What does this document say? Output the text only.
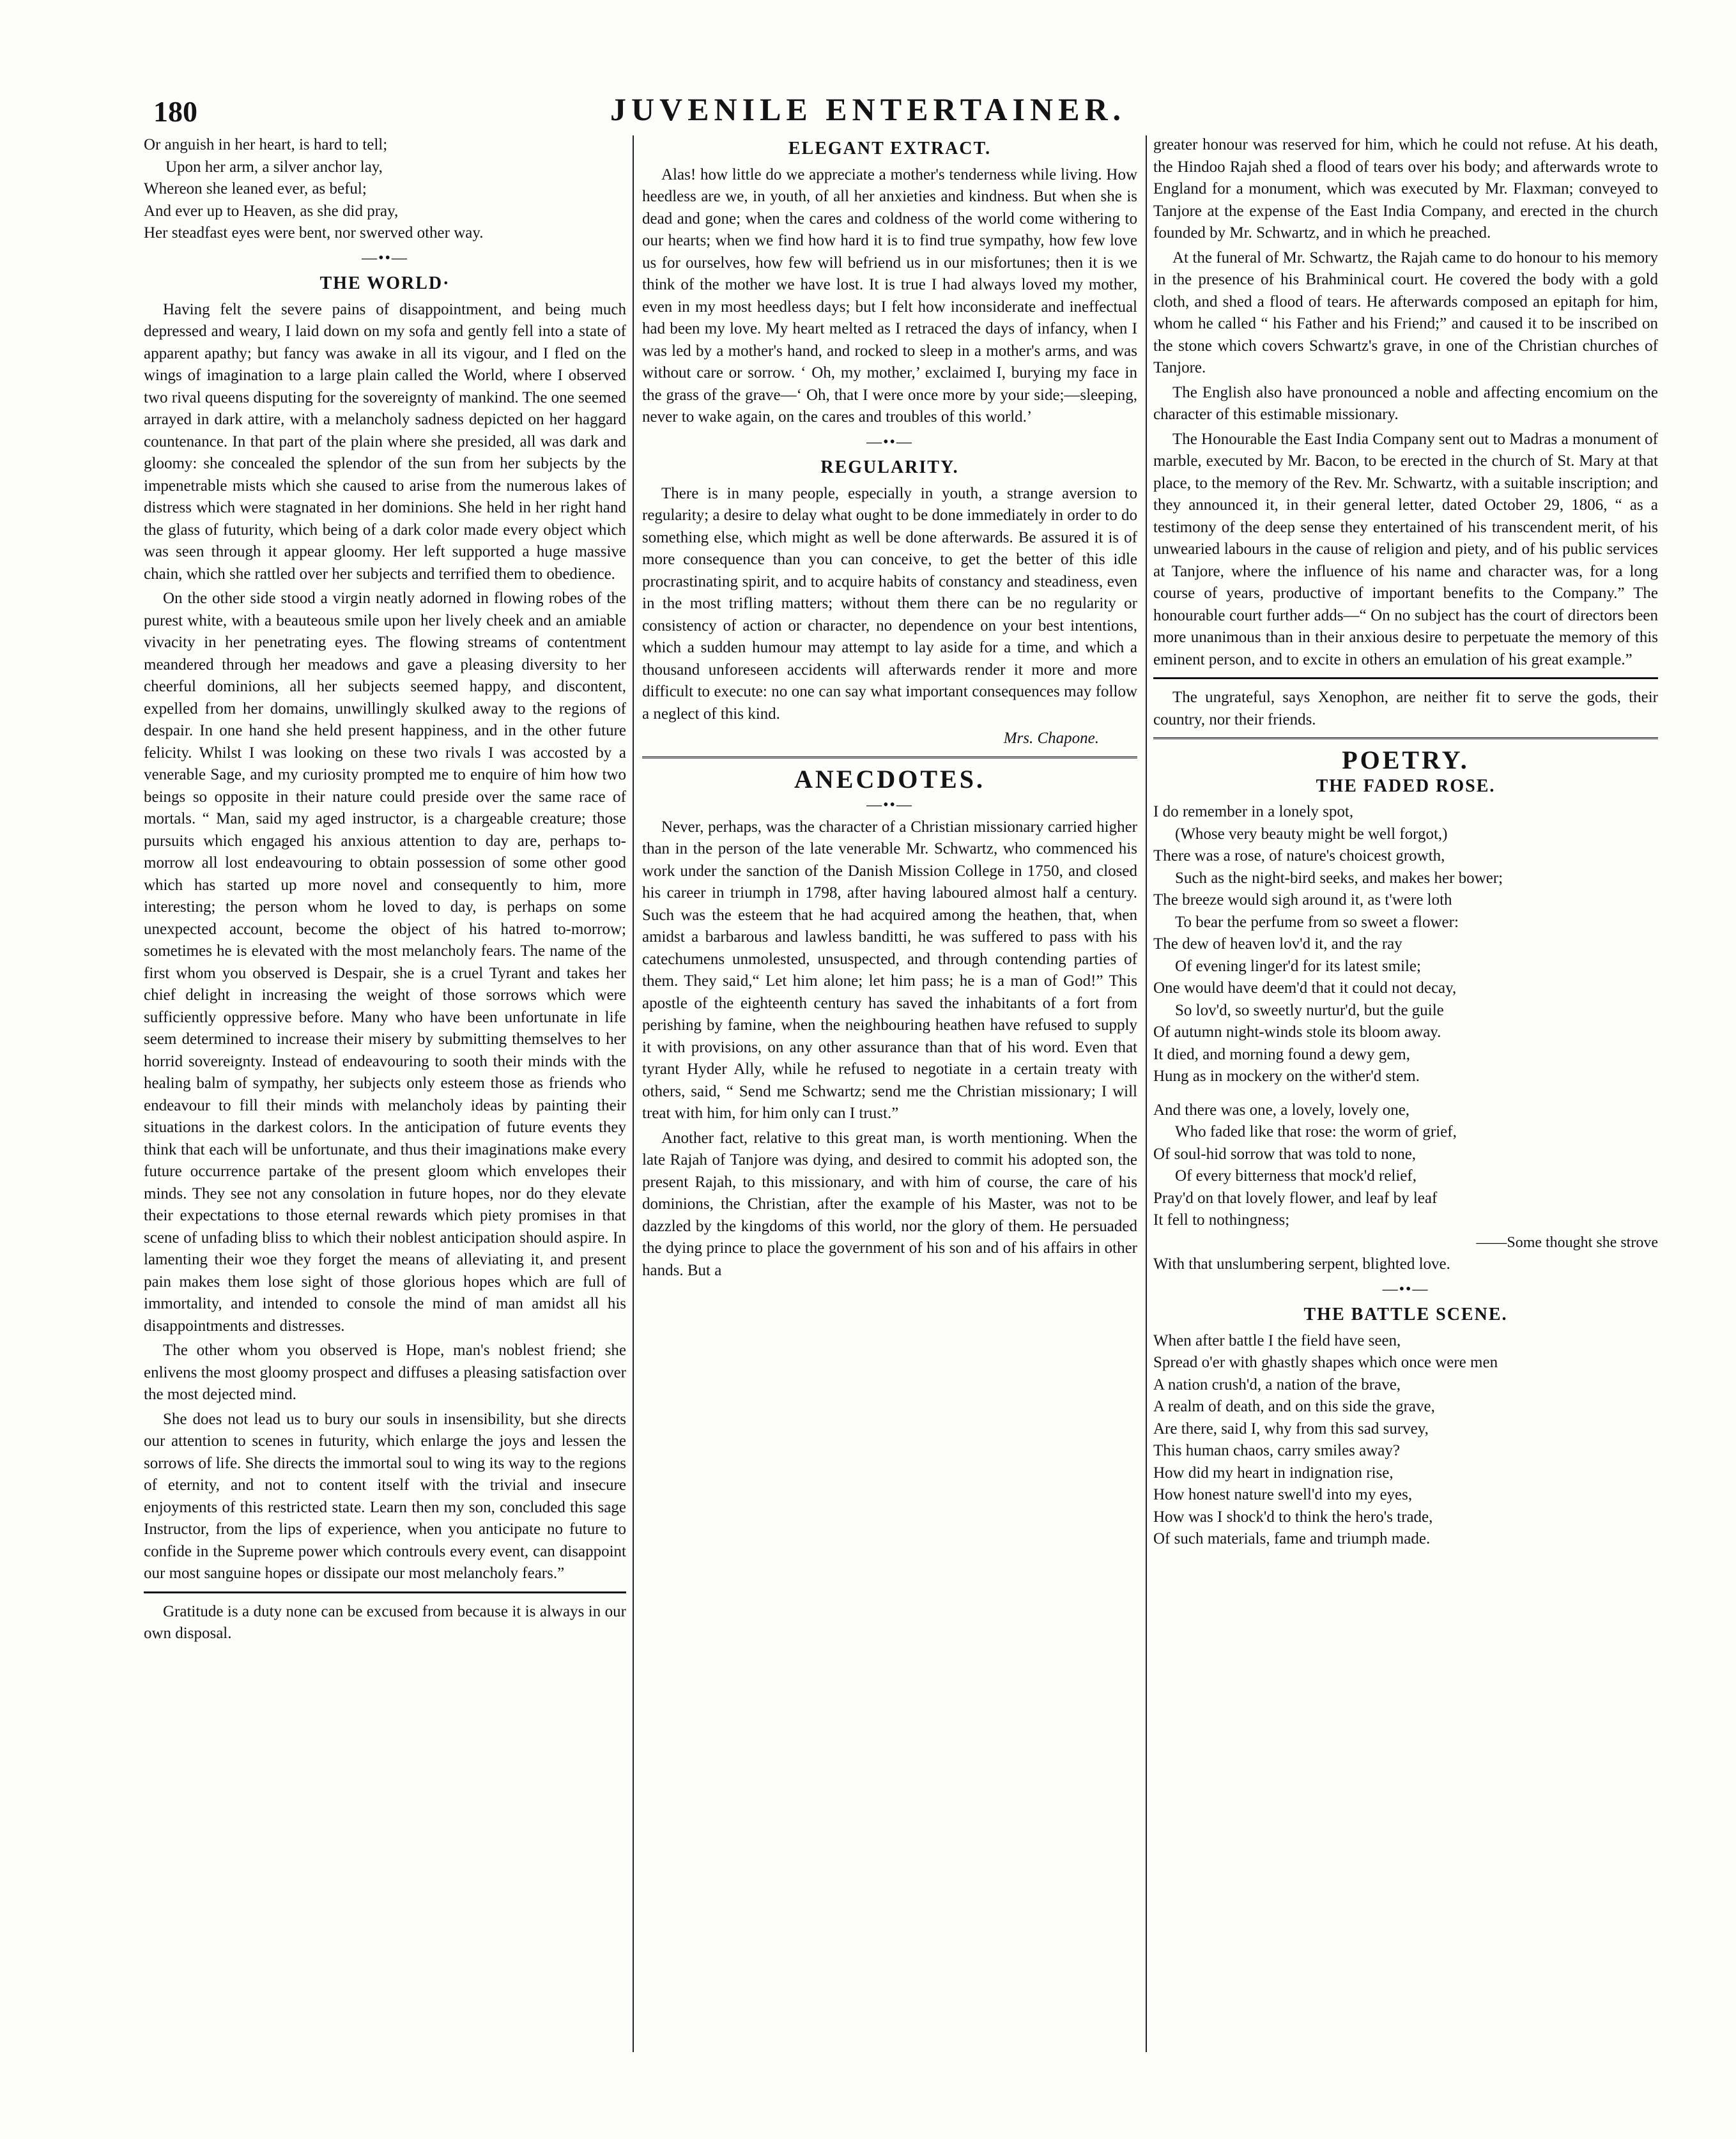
180	JUVENILE ENTERTAINER.
Or anguish in her heart, is hard to tell;
Upon her arm, a silver anchor lay,
Whereon she leaned ever, as beful;
And ever up to Heaven, as she did pray,
Her steadfast eyes were bent, nor swerved other way.
—••—
THE WORLD·

Having felt the severe pains of disappointment, and being much depressed and weary, I laid down on my sofa and gently fell into a state of apparent apathy; but fancy was awake in all its vigour, and I fled on the wings of imagination to a large plain called the World, where I observed two rival queens disputing for the sovereignty of mankind. The one seemed arrayed in dark attire, with a melancholy sadness depicted on her haggard countenance. In that part of the plain where she presided, all was dark and gloomy: she concealed the splendor of the sun from her subjects by the impenetrable mists which she caused to arise from the numerous lakes of distress which were stagnated in her dominions. She held in her right hand the glass of futurity, which being of a dark color made every object which was seen through it appear gloomy. Her left supported a huge massive chain, which she rattled over her subjects and terrified them to obedience.

On the other side stood a virgin neatly adorned in flowing robes of the purest white, with a beauteous smile upon her lively cheek and an amiable vivacity in her penetrating eyes. The flowing streams of contentment meandered through her meadows and gave a pleasing diversity to her cheerful dominions, all her subjects seemed happy, and discontent, expelled from her domains, unwillingly skulked away to the regions of despair. In one hand she held present happiness, and in the other future felicity. Whilst I was looking on these two rivals I was accosted by a venerable Sage, and my curiosity prompted me to enquire of him how two beings so opposite in their nature could preside over the same race of mortals. “ Man, said my aged instructor, is a chargeable creature; those pursuits which engaged his anxious attention to day are, perhaps to-morrow all lost endeavouring to obtain possession of some other good which has started up more novel and consequently to him, more interesting; the person whom he loved to day, is perhaps on some unexpected account, become the object of his hatred to-morrow; sometimes he is elevated with the most melancholy fears. The name of the first whom you observed is Despair, she is a cruel Tyrant and takes her chief delight in increasing the weight of those sorrows which were sufficiently oppressive before. Many who have been unfortunate in life seem determined to increase their misery by submitting themselves to her horrid sovereignty. Instead of endeavouring to sooth their minds with the healing balm of sympathy, her subjects only esteem those as friends who endeavour to fill their minds with melancholy ideas by painting their situations in the darkest colors. In the anticipation of future events they think that each will be unfortunate, and thus their imaginations make every future occurrence partake of the present gloom which envelopes their minds. They see not any consolation in future hopes, nor do they elevate their expectations to those eternal rewards which piety promises in that scene of unfading bliss to which their noblest anticipation should aspire. In lamenting their woe they forget the means of alleviating it, and present pain makes them lose sight of those glorious hopes which are full of immortality, and intended to console the mind of man amidst all his disappointments and distresses.

The other whom you observed is Hope, man's noblest friend; she enlivens the most gloomy prospect and diffuses a pleasing satisfaction over the most dejected mind.

She does not lead us to bury our souls in insensibility, but she directs our attention to scenes in futurity, which enlarge the joys and lessen the sorrows of life. She directs the immortal soul to wing its way to the regions of eternity, and not to content itself with the trivial and insecure enjoyments of this restricted state. Learn then my son, concluded this sage Instructor, from the lips of experience, when you anticipate no future to confide in the Supreme power which controuls every event, can disappoint our most sanguine hopes or dissipate our most melancholy fears.”

Gratitude is a duty none can be excused from because it is always in our own disposal.

ELEGANT EXTRACT.

Alas! how little do we appreciate a mother's tenderness while living. How heedless are we, in youth, of all her anxieties and kindness. But when she is dead and gone; when the cares and coldness of the world come withering to our hearts; when we find how hard it is to find true sympathy, how few love us for ourselves, how few will befriend us in our misfortunes; then it is we think of the mother we have lost. It is true I had always loved my mother, even in my most heedless days; but I felt how inconsiderate and ineffectual had been my love. My heart melted as I retraced the days of infancy, when I was led by a mother's hand, and rocked to sleep in a mother's arms, and was without care or sorrow. ‘ Oh, my mother,’ exclaimed I, burying my face in the grass of the grave—‘ Oh, that I were once more by your side;—sleeping, never to wake again, on the cares and troubles of this world.’

—••—
REGULARITY.

There is in many people, especially in youth, a strange aversion to regularity; a desire to delay what ought to be done immediately in order to do something else, which might as well be done afterwards. Be assured it is of more consequence than you can conceive, to get the better of this idle procrastinating spirit, and to acquire habits of constancy and steadiness, even in the most trifling matters; without them there can be no regularity or consistency of action or character, no dependence on your best intentions, which a sudden humour may attempt to lay aside for a time, and which a thousand unforeseen accidents will afterwards render it more and more difficult to execute: no one can say what important consequences may follow a neglect of this kind.

Mrs. Chapone.
ANECDOTES.
—••—

Never, perhaps, was the character of a Christian missionary carried higher than in the person of the late venerable Mr. Schwartz, who commenced his work under the sanction of the Danish Mission College in 1750, and closed his career in triumph in 1798, after having laboured almost half a century. Such was the esteem that he had acquired among the heathen, that, when amidst a barbarous and lawless banditti, he was suffered to pass with his catechumens unmolested, unsuspected, and through contending parties of them. They said,“ Let him alone; let him pass; he is a man of God!” This apostle of the eighteenth century has saved the inhabitants of a fort from perishing by famine, when the neighbouring heathen have refused to supply it with provisions, on any other assurance than that of his word. Even that tyrant Hyder Ally, while he refused to negotiate in a certain treaty with others, said, “ Send me Schwartz; send me the Christian missionary; I will treat with him, for him only can I trust.”

Another fact, relative to this great man, is worth mentioning. When the late Rajah of Tanjore was dying, and desired to commit his adopted son, the present Rajah, to this missionary, and with him of course, the care of his dominions, the Christian, after the example of his Master, was not to be dazzled by the kingdoms of this world, nor the glory of them. He persuaded the dying prince to place the government of his son and of his affairs in other hands. But a

greater honour was reserved for him, which he could not refuse. At his death, the Hindoo Rajah shed a flood of tears over his body; and afterwards wrote to England for a monument, which was executed by Mr. Flaxman; conveyed to Tanjore at the expense of the East India Company, and erected in the church founded by Mr. Schwartz, and in which he preached.

At the funeral of Mr. Schwartz, the Rajah came to do honour to his memory in the presence of his Brahminical court. He covered the body with a gold cloth, and shed a flood of tears. He afterwards composed an epitaph for him, whom he called “ his Father and his Friend;” and caused it to be inscribed on the stone which covers Schwartz's grave, in one of the Christian churches of Tanjore.

The English also have pronounced a noble and affecting encomium on the character of this estimable missionary.

The Honourable the East India Company sent out to Madras a monument of marble, executed by Mr. Bacon, to be erected in the church of St. Mary at that place, to the memory of the Rev. Mr. Schwartz, with a suitable inscription; and they announced it, in their general letter, dated October 29, 1806, “ as a testimony of the deep sense they entertained of his transcendent merit, of his unwearied labours in the cause of religion and piety, and of his public services at Tanjore, where the influence of his name and character was, for a long course of years, productive of important benefits to the Company.” The honourable court further adds—“ On no subject has the court of directors been more unanimous than in their anxious desire to perpetuate the memory of this eminent person, and to excite in others an emulation of his great example.”

The ungrateful, says Xenophon, are neither fit to serve the gods, their country, nor their friends.

POETRY.
THE FADED ROSE.
I do remember in a lonely spot,
(Whose very beauty might be well forgot,)
There was a rose, of nature's choicest growth,
Such as the night-bird seeks, and makes her bower;
The breeze would sigh around it, as t'were loth
To bear the perfume from so sweet a flower:
The dew of heaven lov'd it, and the ray
Of evening linger'd for its latest smile;
One would have deem'd that it could not decay,
So lov'd, so sweetly nurtur'd, but the guile
Of autumn night-winds stole its bloom away.
It died, and morning found a dewy gem,
Hung as in mockery on the wither'd stem.
And there was one, a lovely, lovely one,
Who faded like that rose: the worm of grief,
Of soul-hid sorrow that was told to none,
Of every bitterness that mock'd relief,
Pray'd on that lovely flower, and leaf by leaf
It fell to nothingness;
——Some thought she strove
With that unslumbering serpent, blighted love.
—••—
THE BATTLE SCENE.
When after battle I the field have seen,
Spread o'er with ghastly shapes which once were men
A nation crush'd, a nation of the brave,
A realm of death, and on this side the grave,
Are there, said I, why from this sad survey,
This human chaos, carry smiles away?
How did my heart in indignation rise,
How honest nature swell'd into my eyes,
How was I shock'd to think the hero's trade,
Of such materials, fame and triumph made.
